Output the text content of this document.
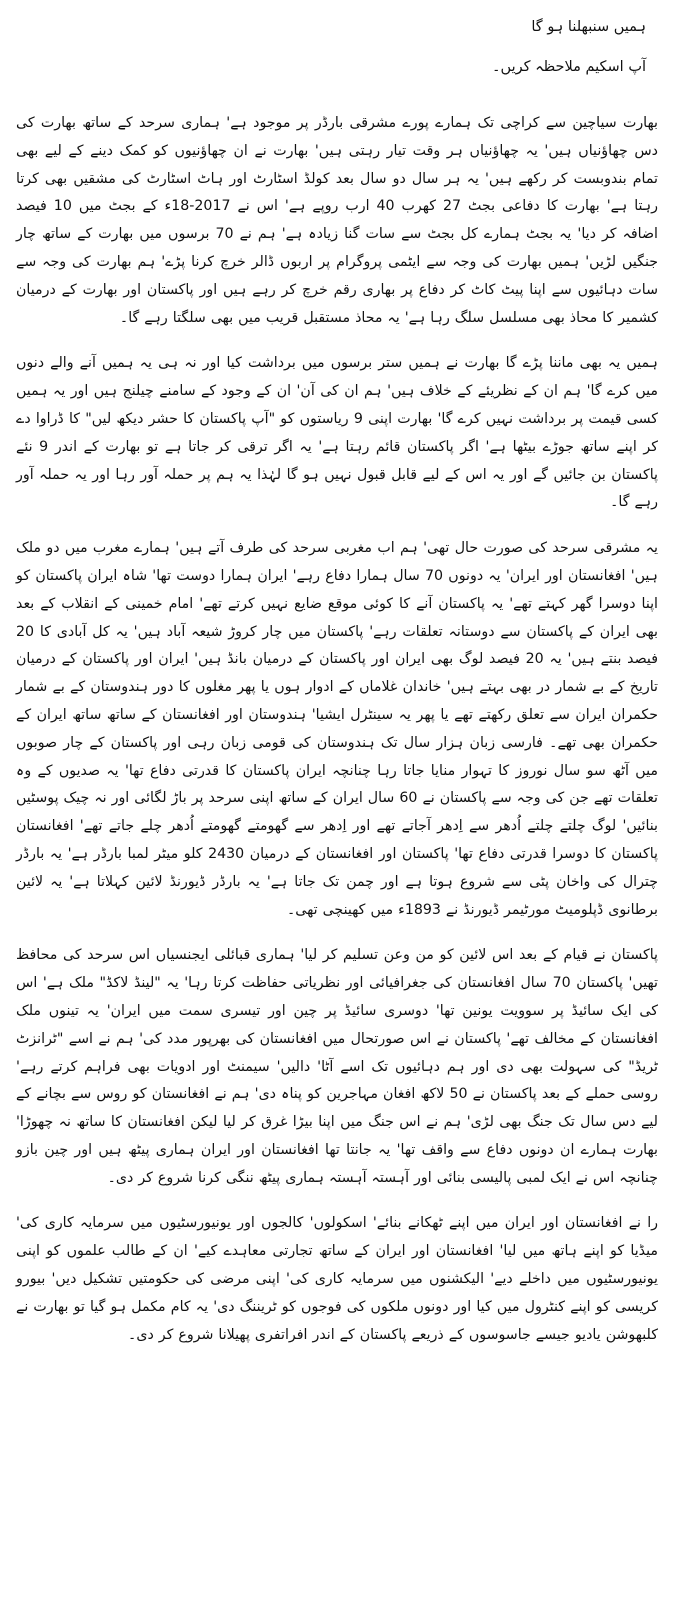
ہمیں سنبھلنا ہو گا
آپ اسکیم ملاحظہ کریں۔

بھارت سیاچین سے کراچی تک ہمارے پورے مشرقی بارڈر پر موجود ہے' ہماری سرحد کے ساتھ بھارت کی دس چھاؤنیاں ہیں' یہ چھاؤنیاں ہر وقت تیار رہتی ہیں' بھارت نے ان چھاؤنیوں کو کمک دینے کے لیے بھی تمام بندوبست کر رکھے ہیں' یہ ہر سال دو سال بعد کولڈ اسٹارٹ اور ہاٹ اسٹارٹ کی مشقیں بھی کرتا رہتا ہے' بھارت کا دفاعی بجٹ 27 کھرب 40 ارب روپے ہے' اس نے 2017-18ء کے بجٹ میں 10 فیصد اضافہ کر دیا' یہ بجٹ ہمارے کل بجٹ سے سات گنا زیادہ ہے' ہم نے 70 برسوں میں بھارت کے ساتھ چار جنگیں لڑیں' ہمیں بھارت کی وجہ سے ایٹمی پروگرام پر اربوں ڈالر خرچ کرنا پڑے' ہم بھارت کی وجہ سے سات دہائیوں سے اپنا پیٹ کاٹ کر دفاع پر بھاری رقم خرچ کر رہے ہیں اور پاکستان اور بھارت کے درمیان کشمیر کا محاذ بھی مسلسل سلگ رہا ہے' یہ محاذ مستقبل قریب میں بھی سلگتا رہے گا۔

ہمیں یہ بھی ماننا پڑے گا بھارت نے ہمیں ستر برسوں میں برداشت کیا اور نہ ہی یہ ہمیں آنے والے دنوں میں کرے گا' ہم ان کے نظریئے کے خلاف ہیں' ہم ان کی آن' ان کے وجود کے سامنے چیلنج ہیں اور یہ ہمیں کسی قیمت پر برداشت نہیں کرے گا' بھارت اپنی 9 ریاستوں کو "آپ پاکستان کا حشر دیکھ لیں" کا ڈراوا دے کر اپنے ساتھ جوڑے بیٹھا ہے' اگر پاکستان قائم رہتا ہے' یہ اگر ترقی کر جاتا ہے تو بھارت کے اندر 9 نئے پاکستان بن جائیں گے اور یہ اس کے لیے قابل قبول نہیں ہو گا لہٰذا یہ ہم پر حملہ آور رہا اور یہ حملہ آور رہے گا۔

یہ مشرقی سرحد کی صورت حال تھی' ہم اب مغربی سرحد کی طرف آتے ہیں' ہمارے مغرب میں دو ملک ہیں' افغانستان اور ایران' یہ دونوں 70 سال ہمارا دفاع رہے' ایران ہمارا دوست تھا' شاہ ایران پاکستان کو اپنا دوسرا گھر کہتے تھے' یہ پاکستان آنے کا کوئی موقع ضایع نہیں کرتے تھے' امام خمینی کے انقلاب کے بعد بھی ایران کے پاکستان سے دوستانہ تعلقات رہے' پاکستان میں چار کروڑ شیعہ آباد ہیں' یہ کل آبادی کا 20 فیصد بنتے ہیں' یہ 20 فیصد لوگ بھی ایران اور پاکستان کے درمیان بانڈ ہیں' ایران اور پاکستان کے درمیان تاریخ کے بے شمار در بھی بہتے ہیں' خاندان غلاماں کے ادوار ہوں یا پھر مغلوں کا دور ہندوستان کے بے شمار حکمران ایران سے تعلق رکھتے تھے یا پھر یہ سینٹرل ایشیا' ہندوستان اور افغانستان کے ساتھ ساتھ ایران کے حکمران بھی تھے۔ فارسی زبان ہزار سال تک ہندوستان کی قومی زبان رہی اور پاکستان کے چار صوبوں میں آٹھ سو سال نوروز کا تہوار منایا جاتا رہا چنانچہ ایران پاکستان کا قدرتی دفاع تھا' یہ صدیوں کے وہ تعلقات تھے جن کی وجہ سے پاکستان نے 60 سال ایران کے ساتھ اپنی سرحد پر باڑ لگائی اور نہ چیک پوسٹیں بنائیں' لوگ چلتے چلتے اُدھر سے اِدھر آجاتے تھے اور اِدھر سے گھومتے گھومتے اُدھر چلے جاتے تھے' افغانستان پاکستان کا دوسرا قدرتی دفاع تھا' پاکستان اور افغانستان کے درمیان 2430 کلو میٹر لمبا بارڈر ہے' یہ بارڈر چترال کی واخان پٹی سے شروع ہوتا ہے اور چمن تک جاتا ہے' یہ بارڈر ڈیورنڈ لائین کہلاتا ہے' یہ لائین برطانوی ڈپلومیٹ مورٹیمر ڈیورنڈ نے 1893ء میں کھینچی تھی۔

پاکستان نے قیام کے بعد اس لائین کو من وعن تسلیم کر لیا' ہماری قبائلی ایجنسیاں اس سرحد کی محافظ تھیں' پاکستان 70 سال افغانستان کی جغرافیائی اور نظریاتی حفاظت کرتا رہا' یہ "لینڈ لاکڈ" ملک ہے' اس کی ایک سائیڈ پر سوویت یونین تھا' دوسری سائیڈ پر چین اور تیسری سمت میں ایران' یہ تینوں ملک افغانستان کے مخالف تھے' پاکستان نے اس صورتحال میں افغانستان کی بھرپور مدد کی' ہم نے اسے "ٹرانزٹ ٹریڈ" کی سہولت بھی دی اور ہم دہائیوں تک اسے آٹا' دالیں' سیمنٹ اور ادویات بھی فراہم کرتے رہے' روسی حملے کے بعد پاکستان نے 50 لاکھ افغان مہاجرین کو پناہ دی' ہم نے افغانستان کو روس سے بچانے کے لیے دس سال تک جنگ بھی لڑی' ہم نے اس جنگ میں اپنا بیڑا غرق کر لیا لیکن افغانستان کا ساتھ نہ چھوڑا' بھارت ہمارے ان دونوں دفاع سے واقف تھا' یہ جانتا تھا افغانستان اور ایران ہماری پیٹھ ہیں اور چین بازو چنانچہ اس نے ایک لمبی پالیسی بنائی اور آہستہ آہستہ ہماری پیٹھ ننگی کرنا شروع کر دی۔

را نے افغانستان اور ایران میں اپنے ٹھکانے بنائے' اسکولوں' کالجوں اور یونیورسٹیوں میں سرمایہ کاری کی' میڈیا کو اپنے ہاتھ میں لیا' افغانستان اور ایران کے ساتھ تجارتی معاہدے کیے' ان کے طالب علموں کو اپنی یونیورسٹیوں میں داخلے دیے' الیکشنوں میں سرمایہ کاری کی' اپنی مرضی کی حکومتیں تشکیل دیں' بیورو کریسی کو اپنے کنٹرول میں کیا اور دونوں ملکوں کی فوجوں کو ٹریننگ دی' یہ کام مکمل ہو گیا تو بھارت نے کلبھوشن یادیو جیسے جاسوسوں کے ذریعے پاکستان کے اندر افراتفری پھیلانا شروع کر دی۔
